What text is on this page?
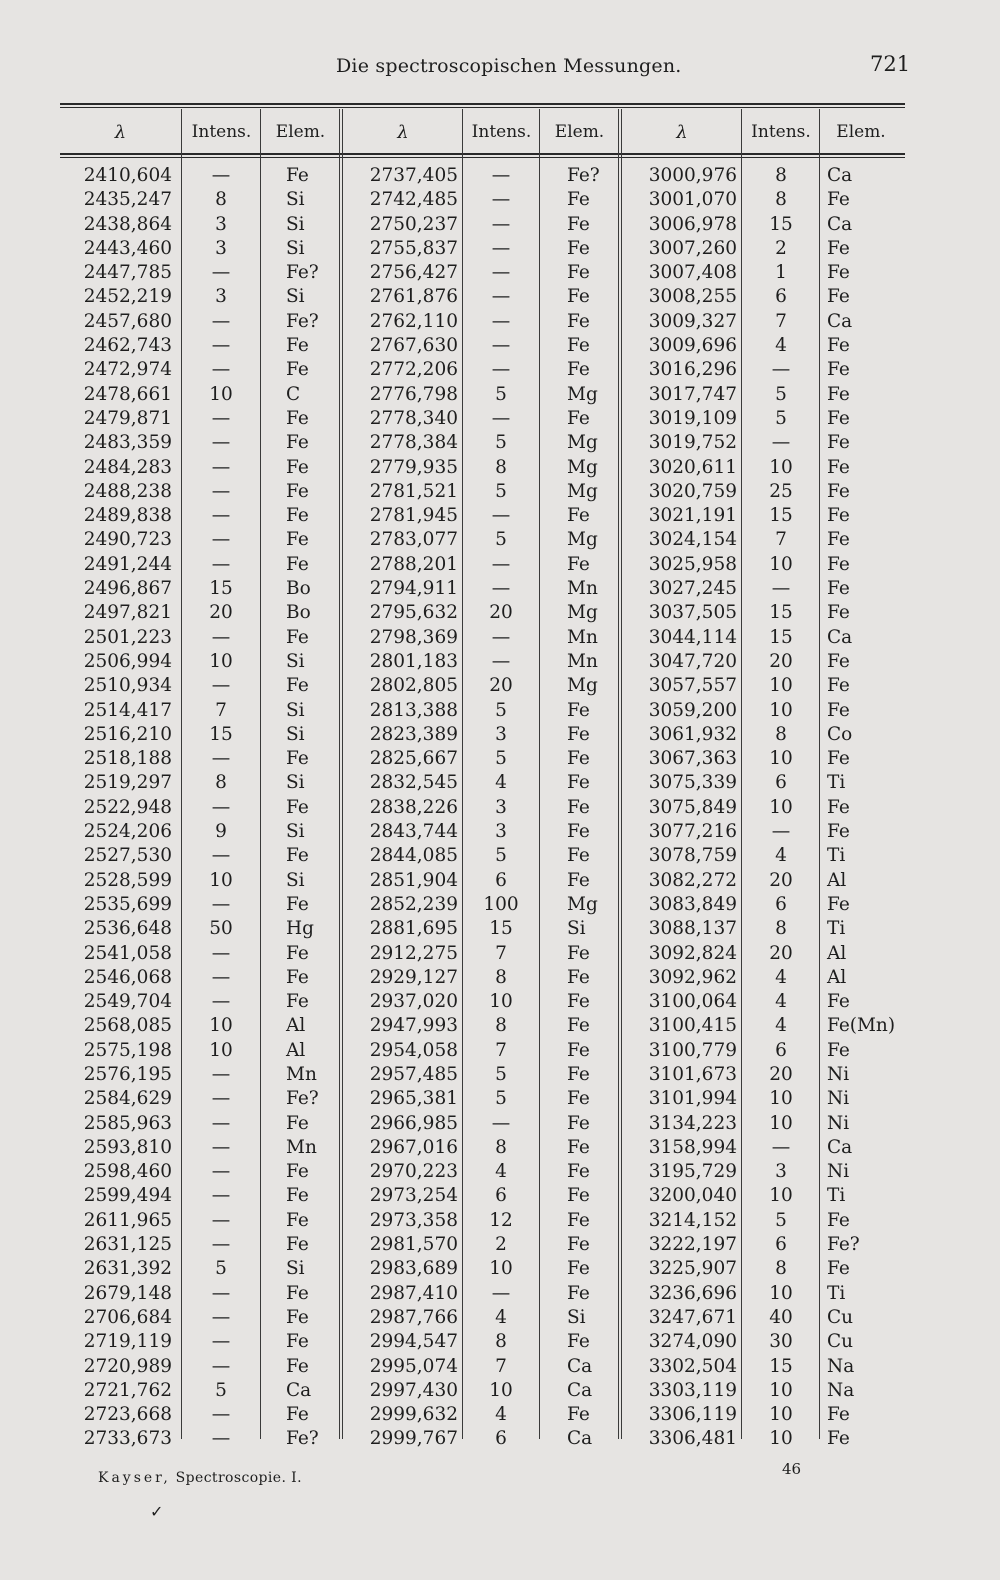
Die spectroscopischen Messungen.	721
λ	Intens.	Elem.	λ	Intens.	Elem.	λ	Intens.	Elem.
2410,604	—	Fe	2737,405	—	Fe?	3000,976	8	Ca
2435,247	8	Si	2742,485	—	Fe	3001,070	8	Fe
2438,864	3	Si	2750,237	—	Fe	3006,978	15	Ca
2443,460	3	Si	2755,837	—	Fe	3007,260	2	Fe
2447,785	—	Fe?	2756,427	—	Fe	3007,408	1	Fe
2452,219	3	Si	2761,876	—	Fe	3008,255	6	Fe
2457,680	—	Fe?	2762,110	—	Fe	3009,327	7	Ca
2462,743	—	Fe	2767,630	—	Fe	3009,696	4	Fe
2472,974	—	Fe	2772,206	—	Fe	3016,296	—	Fe
2478,661	10	C	2776,798	5	Mg	3017,747	5	Fe
2479,871	—	Fe	2778,340	—	Fe	3019,109	5	Fe
2483,359	—	Fe	2778,384	5	Mg	3019,752	—	Fe
2484,283	—	Fe	2779,935	8	Mg	3020,611	10	Fe
2488,238	—	Fe	2781,521	5	Mg	3020,759	25	Fe
2489,838	—	Fe	2781,945	—	Fe	3021,191	15	Fe
2490,723	—	Fe	2783,077	5	Mg	3024,154	7	Fe
2491,244	—	Fe	2788,201	—	Fe	3025,958	10	Fe
2496,867	15	Bo	2794,911	—	Mn	3027,245	—	Fe
2497,821	20	Bo	2795,632	20	Mg	3037,505	15	Fe
2501,223	—	Fe	2798,369	—	Mn	3044,114	15	Ca
2506,994	10	Si	2801,183	—	Mn	3047,720	20	Fe
2510,934	—	Fe	2802,805	20	Mg	3057,557	10	Fe
2514,417	7	Si	2813,388	5	Fe	3059,200	10	Fe
2516,210	15	Si	2823,389	3	Fe	3061,932	8	Co
2518,188	—	Fe	2825,667	5	Fe	3067,363	10	Fe
2519,297	8	Si	2832,545	4	Fe	3075,339	6	Ti
2522,948	—	Fe	2838,226	3	Fe	3075,849	10	Fe
2524,206	9	Si	2843,744	3	Fe	3077,216	—	Fe
2527,530	—	Fe	2844,085	5	Fe	3078,759	4	Ti
2528,599	10	Si	2851,904	6	Fe	3082,272	20	Al
2535,699	—	Fe	2852,239	100	Mg	3083,849	6	Fe
2536,648	50	Hg	2881,695	15	Si	3088,137	8	Ti
2541,058	—	Fe	2912,275	7	Fe	3092,824	20	Al
2546,068	—	Fe	2929,127	8	Fe	3092,962	4	Al
2549,704	—	Fe	2937,020	10	Fe	3100,064	4	Fe
2568,085	10	Al	2947,993	8	Fe	3100,415	4	Fe(Mn)
2575,198	10	Al	2954,058	7	Fe	3100,779	6	Fe
2576,195	—	Mn	2957,485	5	Fe	3101,673	20	Ni
2584,629	—	Fe?	2965,381	5	Fe	3101,994	10	Ni
2585,963	—	Fe	2966,985	—	Fe	3134,223	10	Ni
2593,810	—	Mn	2967,016	8	Fe	3158,994	—	Ca
2598,460	—	Fe	2970,223	4	Fe	3195,729	3	Ni
2599,494	—	Fe	2973,254	6	Fe	3200,040	10	Ti
2611,965	—	Fe	2973,358	12	Fe	3214,152	5	Fe
2631,125	—	Fe	2981,570	2	Fe	3222,197	6	Fe?
2631,392	5	Si	2983,689	10	Fe	3225,907	8	Fe
2679,148	—	Fe	2987,410	—	Fe	3236,696	10	Ti
2706,684	—	Fe	2987,766	4	Si	3247,671	40	Cu
2719,119	—	Fe	2994,547	8	Fe	3274,090	30	Cu
2720,989	—	Fe	2995,074	7	Ca	3302,504	15	Na
2721,762	5	Ca	2997,430	10	Ca	3303,119	10	Na
2723,668	—	Fe	2999,632	4	Fe	3306,119	10	Fe
2733,673	—	Fe?	2999,767	6	Ca	3306,481	10	Fe
Kayser, Spectroscopie. I.	46
✓
